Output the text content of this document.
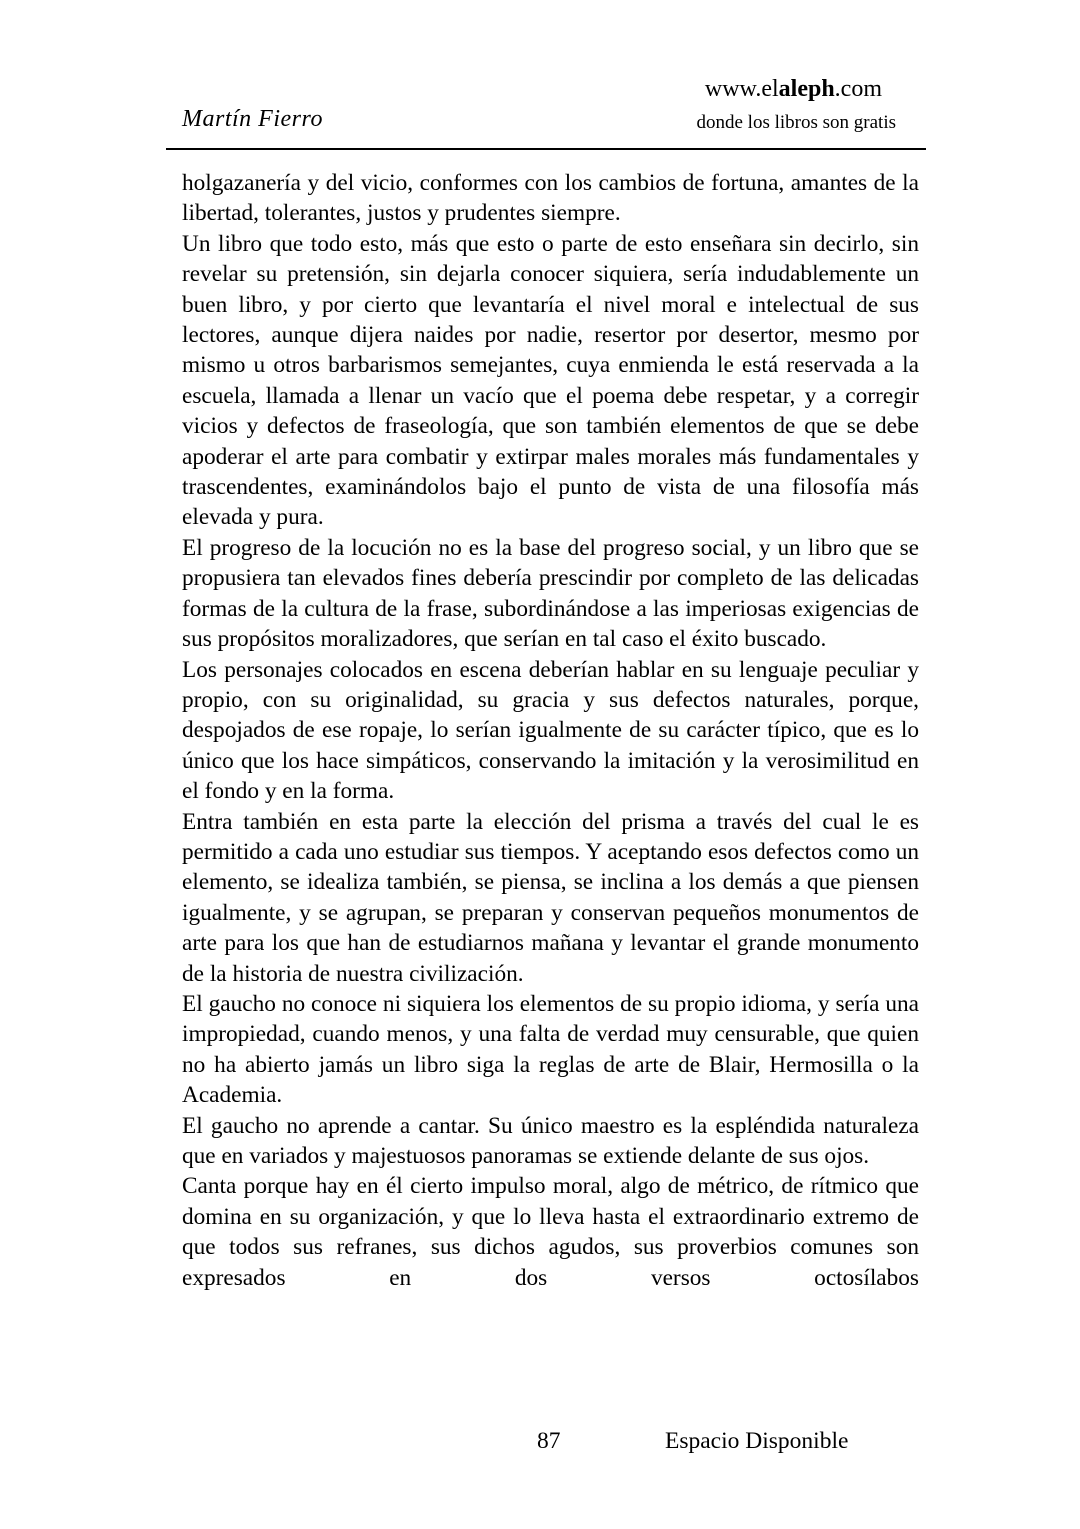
Martín Fierro
www.elaleph.com
donde los libros son gratis

holgazanería y del vicio, conformes con los cambios de fortuna, amantes de la libertad, tolerantes, justos y prudentes siempre.

Un libro que todo esto, más que esto o parte de esto enseñara sin decirlo, sin revelar su pretensión, sin dejarla conocer siquiera, sería indudablemente un buen libro, y por cierto que levantaría el nivel moral e intelectual de sus lectores, aunque dijera naides por nadie, resertor por desertor, mesmo por mismo u otros barbarismos semejantes, cuya enmienda le está reservada a la escuela, llamada a llenar un vacío que el poema debe respetar, y a corregir vicios y defectos de fraseología, que son también elementos de que se debe apoderar el arte para combatir y extirpar males morales más fundamentales y trascendentes, examinándolos bajo el punto de vista de una filosofía más elevada y pura.

El progreso de la locución no es la base del progreso social, y un libro que se propusiera tan elevados fines debería prescindir por completo de las delicadas formas de la cultura de la frase, subordinándose a las imperiosas exigencias de sus propósitos moralizadores, que serían en tal caso el éxito buscado.

Los personajes colocados en escena deberían hablar en su lenguaje peculiar y propio, con su originalidad, su gracia y sus defectos naturales, porque, despojados de ese ropaje, lo serían igualmente de su carácter típico, que es lo único que los hace simpáticos, conservando la imitación y la verosimilitud en el fondo y en la forma.

Entra también en esta parte la elección del prisma a través del cual le es permitido a cada uno estudiar sus tiempos. Y aceptando esos defectos como un elemento, se idealiza también, se piensa, se inclina a los demás a que piensen igualmente, y se agrupan, se preparan y conservan pequeños monumentos de arte para los que han de estudiarnos mañana y levantar el grande monumento de la historia de nuestra civilización.

El gaucho no conoce ni siquiera los elementos de su propio idioma, y sería una impropiedad, cuando menos, y una falta de verdad muy censurable, que quien no ha abierto jamás un libro siga la reglas de arte de Blair, Hermosilla o la Academia.

El gaucho no aprende a cantar. Su único maestro es la espléndida naturaleza que en variados y majestuosos panoramas se extiende delante de sus ojos.

Canta porque hay en él cierto impulso moral, algo de métrico, de rítmico que domina en su organización, y que lo lleva hasta el extraordinario extremo de que todos sus refranes, sus dichos agudos, sus proverbios comunes son expresados en dos versos octosílabos

87	Espacio Disponible
